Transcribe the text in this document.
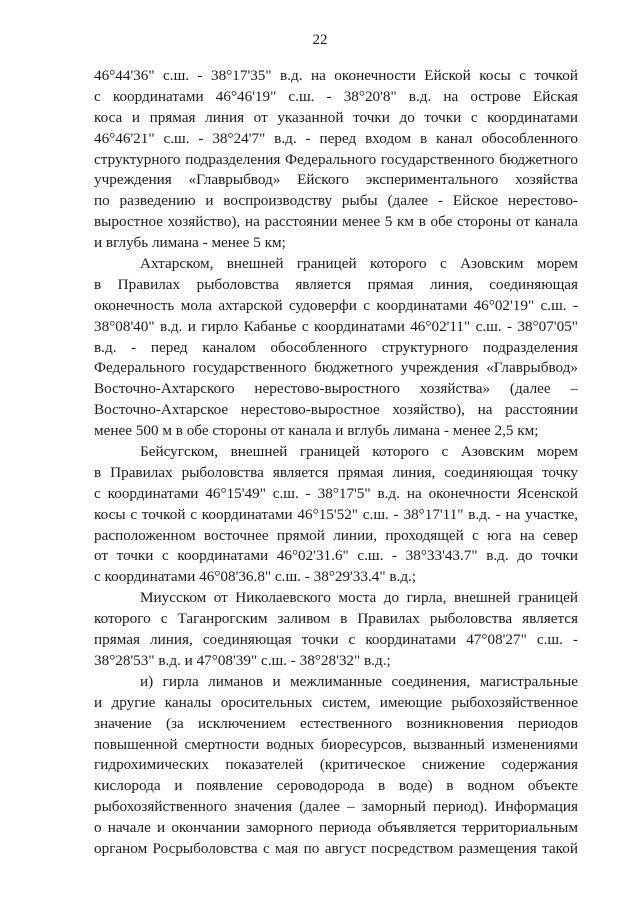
22
46°44'36" с.ш. - 38°17'35" в.д. на оконечности Ейской косы с точкой
с координатами 46°46'19" с.ш. - 38°20'8" в.д. на острове Ейская
коса и прямая линия от указанной точки до точки с координатами
46°46'21" с.ш. - 38°24'7" в.д. - перед входом в канал обособленного
структурного подразделения Федерального государственного бюджетного
учреждения «Главрыбвод» Ейского экспериментального хозяйства
по разведению и воспроизводству рыбы (далее - Ейское нерестово-
выростное хозяйство), на расстоянии менее 5 км в обе стороны от канала
и вглубь лимана - менее 5 км;
Ахтарском, внешней границей которого с Азовским морем
в Правилах рыболовства является прямая линия, соединяющая
оконечность мола ахтарской судоверфи с координатами 46°02'19" с.ш. -
38°08'40" в.д. и гирло Кабанье с координатами 46°02'11" с.ш. - 38°07'05"
в.д. - перед каналом обособленного структурного подразделения
Федерального государственного бюджетного учреждения «Главрыбвод»
Восточно-Ахтарского нерестово-выростного хозяйства» (далее –
Восточно-Ахтарское нерестово-выростное хозяйство), на расстоянии
менее 500 м в обе стороны от канала и вглубь лимана - менее 2,5 км;
Бейсугском, внешней границей которого с Азовским морем
в Правилах рыболовства является прямая линия, соединяющая точку
с координатами 46°15'49" с.ш. - 38°17'5" в.д. на оконечности Ясенской
косы с точкой с координатами 46°15'52" с.ш. - 38°17'11" в.д. - на участке,
расположенном восточнее прямой линии, проходящей с юга на север
от точки с координатами 46°02'31.6" с.ш. - 38°33'43.7" в.д. до точки
с координатами 46°08'36.8" с.ш. - 38°29'33.4" в.д.;
Миусском от Николаевского моста до гирла, внешней границей
которого с Таганрогским заливом в Правилах рыболовства является
прямая линия, соединяющая точки с координатами 47°08'27" с.ш. -
38°28'53" в.д. и 47°08'39" с.ш. - 38°28'32" в.д.;
и) гирла лиманов и межлиманные соединения, магистральные
и другие каналы оросительных систем, имеющие рыбохозяйственное
значение (за исключением естественного возникновения периодов
повышенной смертности водных биоресурсов, вызванный изменениями
гидрохимических показателей (критическое снижение содержания
кислорода и появление сероводорода в воде) в водном объекте
рыбохозяйственного значения (далее – заморный период). Информация
о начале и окончании заморного периода объявляется территориальным
органом Росрыболовства с мая по август посредством размещения такой
